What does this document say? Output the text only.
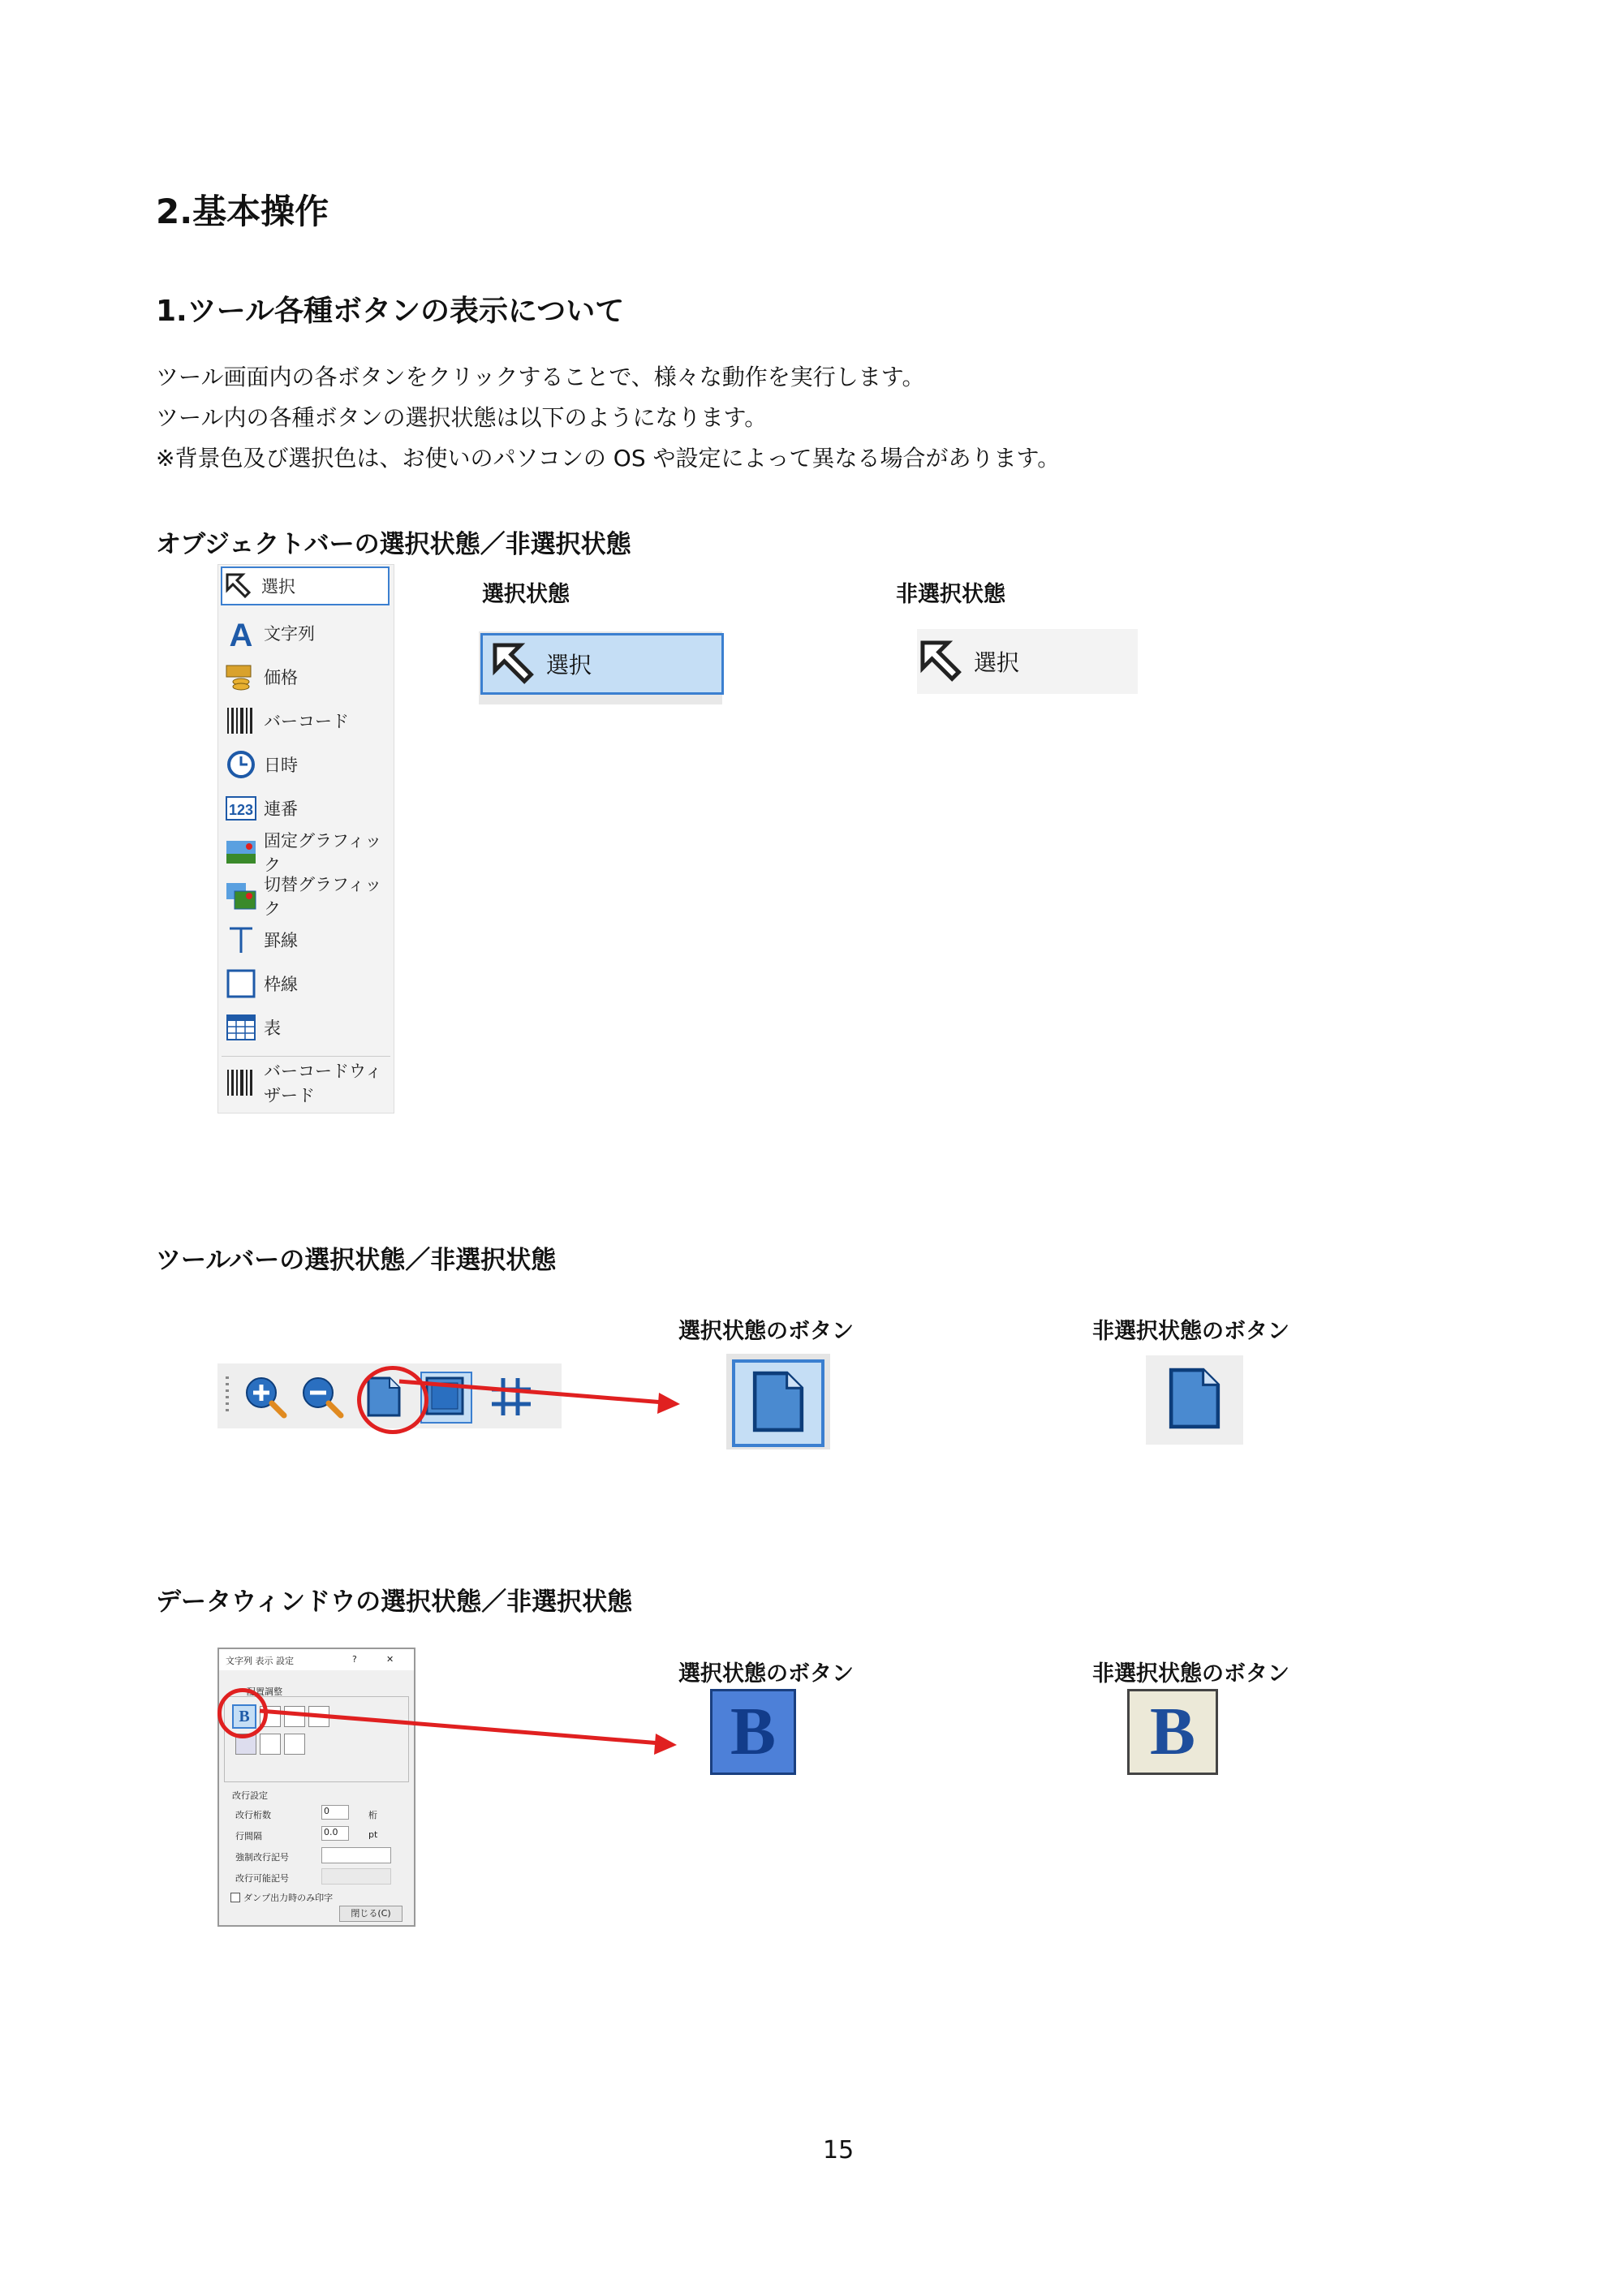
2.基本操作
1.ツール各種ボタンの表示について
ツール画面内の各ボタンをクリックすることで、様々な動作を実行します。
ツール内の各種ボタンの選択状態は以下のようになります。
※背景色及び選択色は、お使いのパソコンの OS や設定によって異なる場合があります。
オブジェクトバーの選択状態／非選択状態
選択状態	非選択状態
選択
A 文字列
価格
バーコード
日時
123 連番
固定グラフィック
切替グラフィック
罫線
枠線
表
バーコードウィザード
選択	選択
ツールバーの選択状態／非選択状態
選択状態のボタン	非選択状態のボタン
データウィンドウの選択状態／非選択状態
選択状態のボタン	非選択状態のボタン
文字列 表示 設定	?	✕
配置調整
B
改行設定
改行桁数	0	桁
行間隔	0.0	pt
強制改行記号
改行可能記号
ダンプ出力時のみ印字
閉じる(C)
B	B
15
